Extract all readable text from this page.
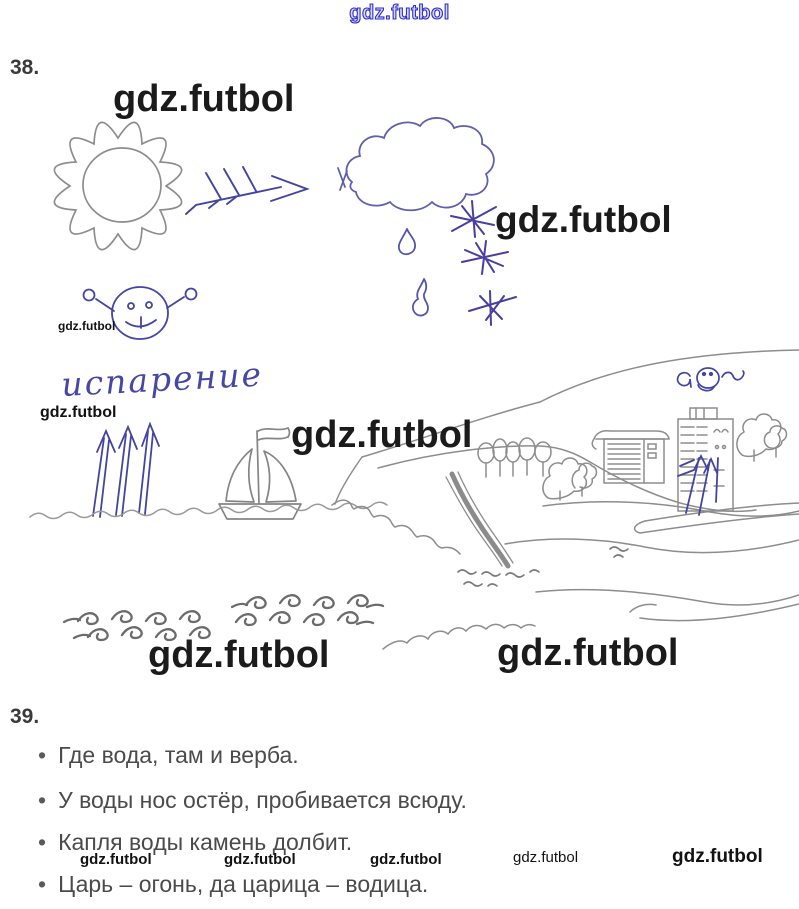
испарение
gdz.futbol
38.
gdz.futbol
gdz.futbol
gdz.futbol
gdz.futbol
gdz.futbol
gdz.futbol	gdz.futbol
39.
• Где вода, там и верба.
• У воды нос остёр, пробивается всюду.
• Капля воды камень долбит.
• Царь – огонь, да царица – водица.
gdz.futbol	gdz.futbol	gdz.futbol	gdz.futbol	gdz.futbol
